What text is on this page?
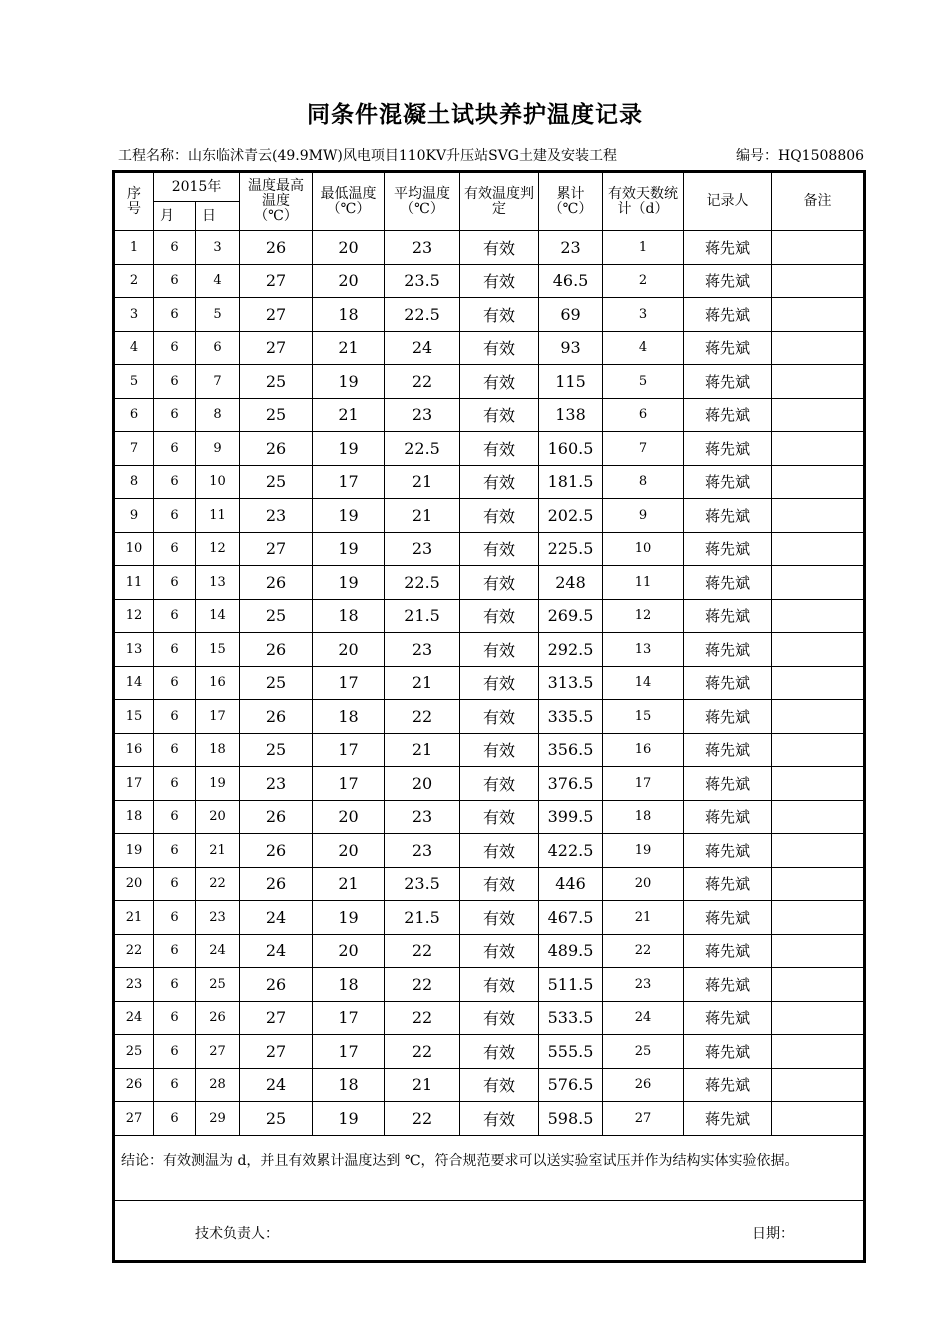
同条件混凝土试块养护温度记录
工程名称：山东临沭青云(49.9MW)风电项目110KV升压站SVG土建及安装工程	编号：HQ1508806
序号	2015年		温度最高温度（℃）	最低温度（℃）	平均温度（℃）	有效温度判定	累计（℃）	有效天数统计（d）	记录人	备注
	月	日								
1	6	3	26	20	23	有效	23	1	蒋先斌	
2	6	4	27	20	23.5	有效	46.5	2	蒋先斌	
3	6	5	27	18	22.5	有效	69	3	蒋先斌	
4	6	6	27	21	24	有效	93	4	蒋先斌	
5	6	7	25	19	22	有效	115	5	蒋先斌	
6	6	8	25	21	23	有效	138	6	蒋先斌	
7	6	9	26	19	22.5	有效	160.5	7	蒋先斌	
8	6	10	25	17	21	有效	181.5	8	蒋先斌	
9	6	11	23	19	21	有效	202.5	9	蒋先斌	
10	6	12	27	19	23	有效	225.5	10	蒋先斌	
11	6	13	26	19	22.5	有效	248	11	蒋先斌	
12	6	14	25	18	21.5	有效	269.5	12	蒋先斌	
13	6	15	26	20	23	有效	292.5	13	蒋先斌	
14	6	16	25	17	21	有效	313.5	14	蒋先斌	
15	6	17	26	18	22	有效	335.5	15	蒋先斌	
16	6	18	25	17	21	有效	356.5	16	蒋先斌	
17	6	19	23	17	20	有效	376.5	17	蒋先斌	
18	6	20	26	20	23	有效	399.5	18	蒋先斌	
19	6	21	26	20	23	有效	422.5	19	蒋先斌	
20	6	22	26	21	23.5	有效	446	20	蒋先斌	
21	6	23	24	19	21.5	有效	467.5	21	蒋先斌	
22	6	24	24	20	22	有效	489.5	22	蒋先斌	
23	6	25	26	18	22	有效	511.5	23	蒋先斌	
24	6	26	27	17	22	有效	533.5	24	蒋先斌	
25	6	27	27	17	22	有效	555.5	25	蒋先斌	
26	6	28	24	18	21	有效	576.5	26	蒋先斌	
27	6	29	25	19	22	有效	598.5	27	蒋先斌	
结论：有效测温为 d，并且有效累计温度达到 ℃，符合规范要求可以送实验室试压并作为结构实体实验依据。										

技术负责人： 日期：										
